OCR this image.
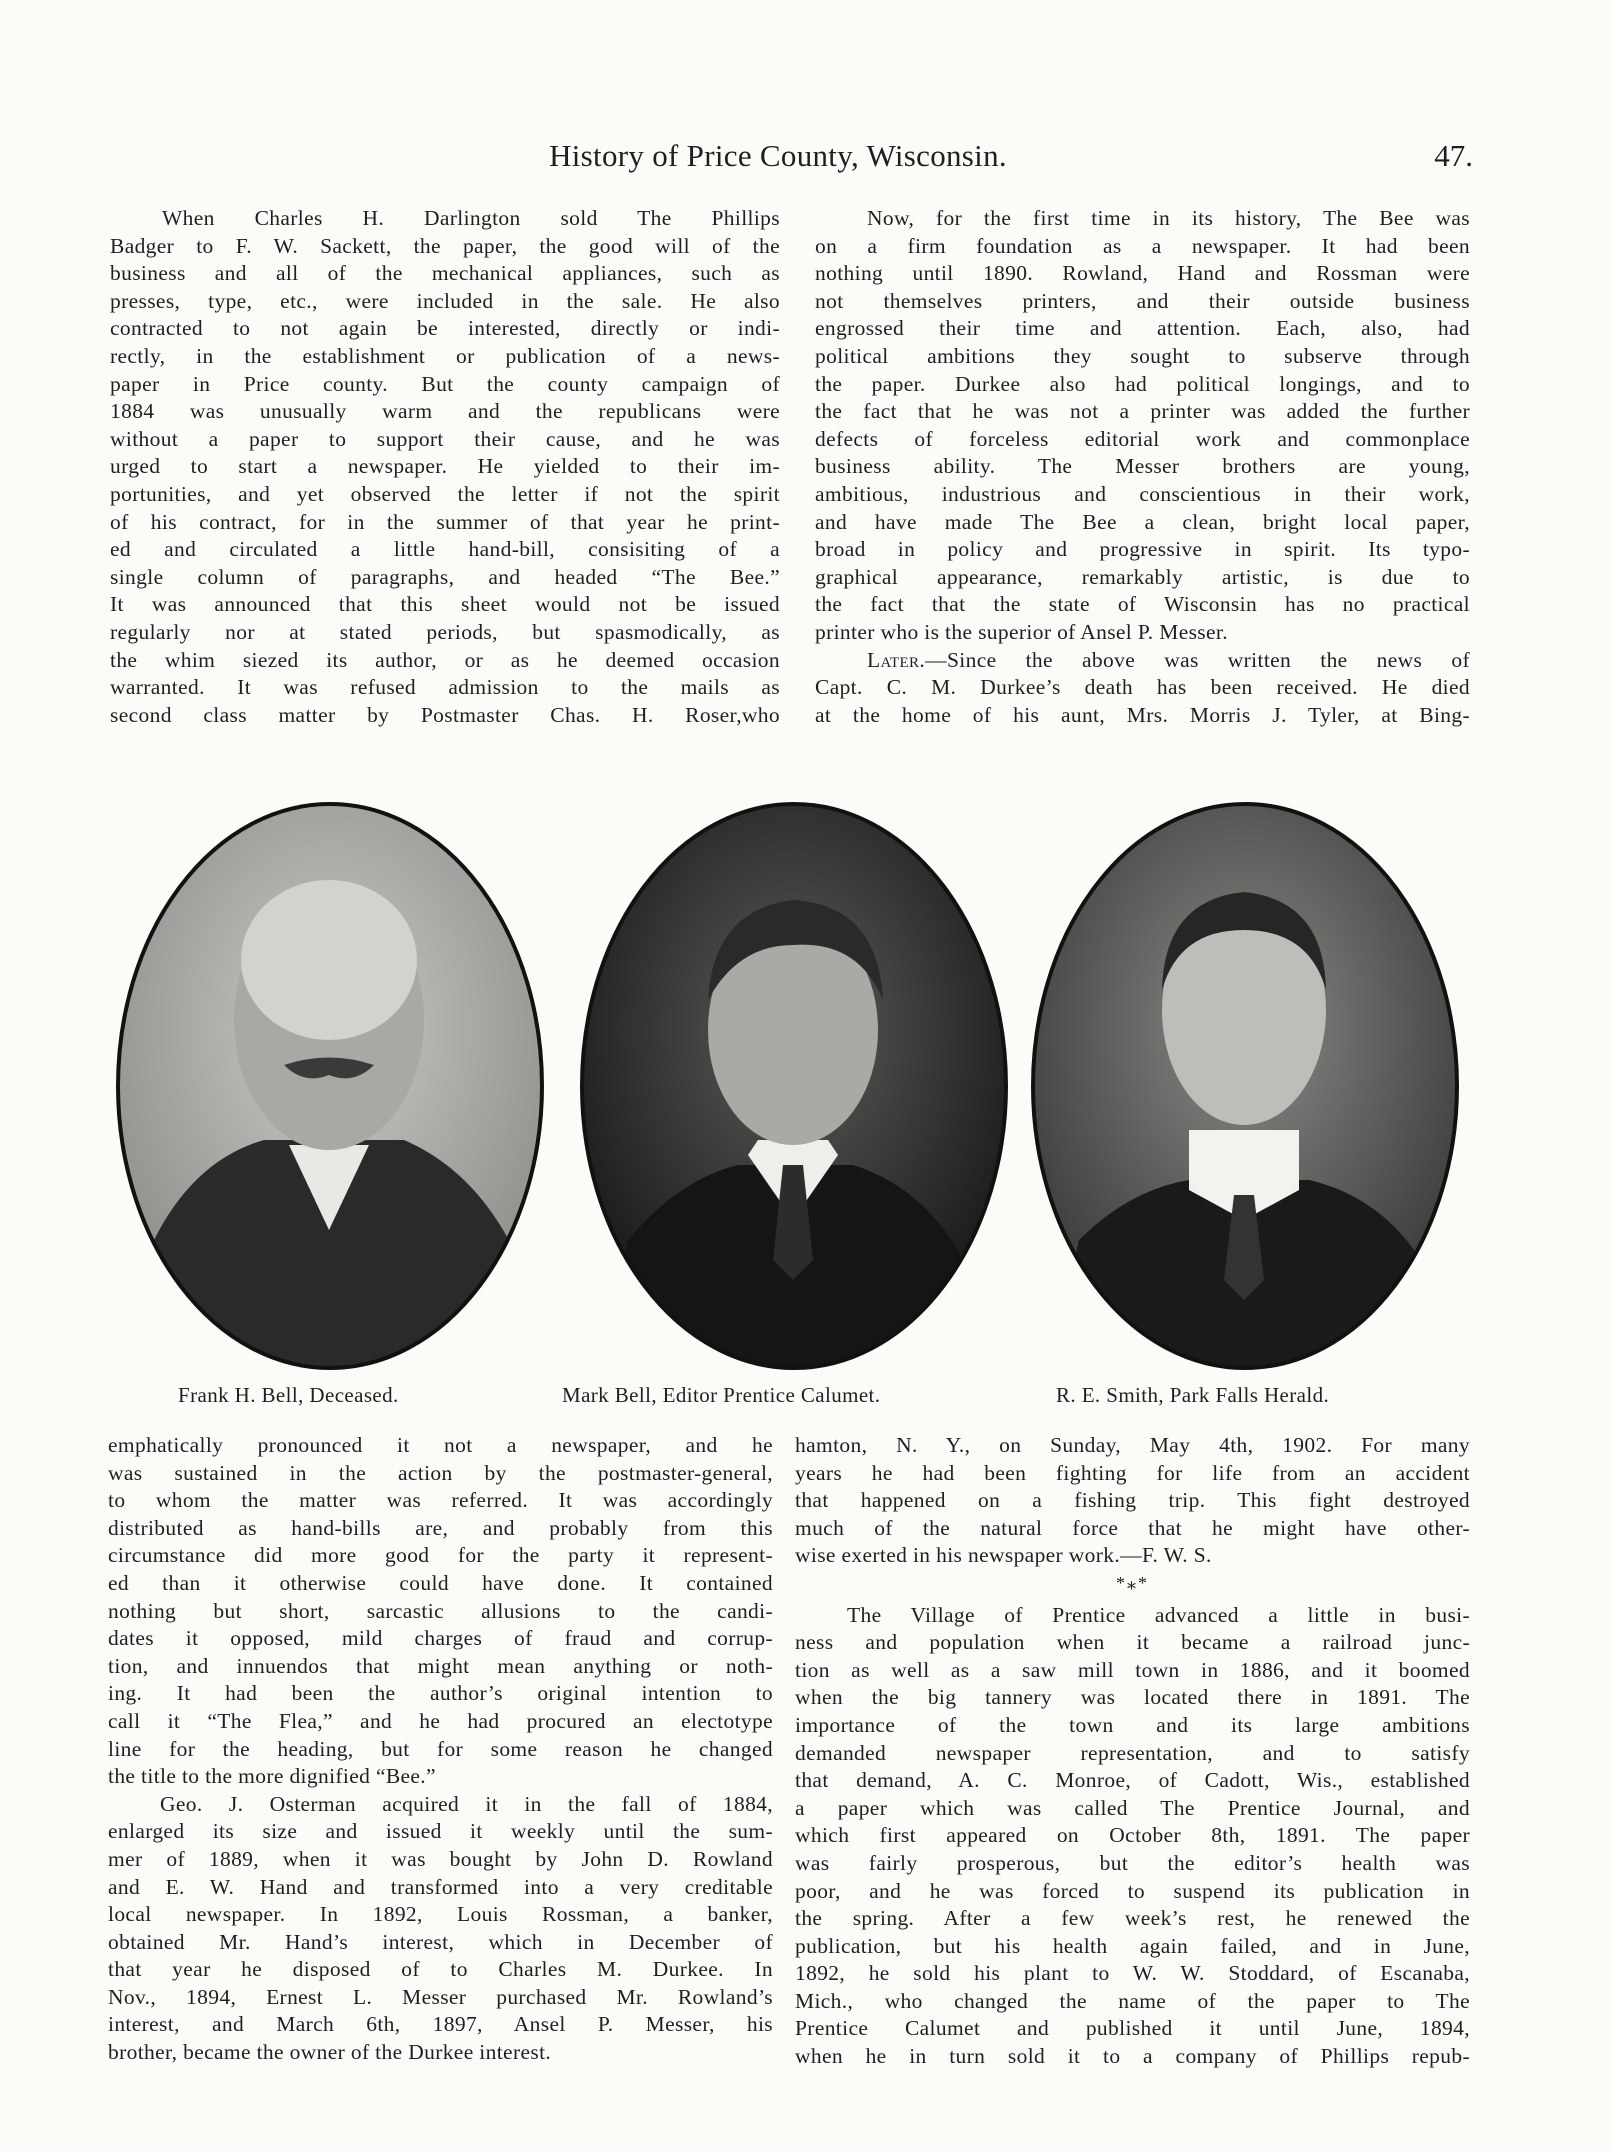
History of Price County, Wisconsin.	47.
When Charles H. Darlington sold The Phillips
Badger to F. W. Sackett, the paper, the good will of the
business and all of the mechanical appliances, such as
presses, type, etc., were included in the sale. He also
contracted to not again be interested, directly or indi-
rectly, in the establishment or publication of a news-
paper in Price county. But the county campaign of
1884 was unusually warm and the republicans were
without a paper to support their cause, and he was
urged to start a newspaper. He yielded to their im-
portunities, and yet observed the letter if not the spirit
of his contract, for in the summer of that year he print-
ed and circulated a little hand-bill, consisiting of a
single column of paragraphs, and headed “The Bee.”
It was announced that this sheet would not be issued
regularly nor at stated periods, but spasmodically, as
the whim siezed its author, or as he deemed occasion
warranted. It was refused admission to the mails as
second class matter by Postmaster Chas. H. Roser,who
Now, for the first time in its history, The Bee was
on a firm foundation as a newspaper. It had been
nothing until 1890. Rowland, Hand and Rossman were
not themselves printers, and their outside business
engrossed their time and attention. Each, also, had
political ambitions they sought to subserve through
the paper. Durkee also had political longings, and to
the fact that he was not a printer was added the further
defects of forceless editorial work and commonplace
business ability. The Messer brothers are young,
ambitious, industrious and conscientious in their work,
and have made The Bee a clean, bright local paper,
broad in policy and progressive in spirit. Its typo-
graphical appearance, remarkably artistic, is due to
the fact that the state of Wisconsin has no practical
printer who is the superior of Ansel P. Messer.
Later.—Since the above was written the news of
Capt. C. M. Durkee’s death has been received. He died
at the home of his aunt, Mrs. Morris J. Tyler, at Bing-
Frank H. Bell, Deceased.	Mark Bell, Editor Prentice Calumet.	R. E. Smith, Park Falls Herald.
emphatically pronounced it not a newspaper, and he
was sustained in the action by the postmaster-general,
to whom the matter was referred. It was accordingly
distributed as hand-bills are, and probably from this
circumstance did more good for the party it represent-
ed than it otherwise could have done. It contained
nothing but short, sarcastic allusions to the candi-
dates it opposed, mild charges of fraud and corrup-
tion, and innuendos that might mean anything or noth-
ing. It had been the author’s original intention to
call it “The Flea,” and he had procured an electotype
line for the heading, but for some reason he changed
the title to the more dignified “Bee.”
Geo. J. Osterman acquired it in the fall of 1884,
enlarged its size and issued it weekly until the sum-
mer of 1889, when it was bought by John D. Rowland
and E. W. Hand and transformed into a very creditable
local newspaper. In 1892, Louis Rossman, a banker,
obtained Mr. Hand’s interest, which in December of
that year he disposed of to Charles M. Durkee. In
Nov., 1894, Ernest L. Messer purchased Mr. Rowland’s
interest, and March 6th, 1897, Ansel P. Messer, his
brother, became the owner of the Durkee interest.
hamton, N. Y., on Sunday, May 4th, 1902. For many
years he had been fighting for life from an accident
that happened on a fishing trip. This fight destroyed
much of the natural force that he might have other-
wise exerted in his newspaper work.—F. W. S.
*⁎*
The Village of Prentice advanced a little in busi-
ness and population when it became a railroad junc-
tion as well as a saw mill town in 1886, and it boomed
when the big tannery was located there in 1891. The
importance of the town and its large ambitions
demanded newspaper representation, and to satisfy
that demand, A. C. Monroe, of Cadott, Wis., established
a paper which was called The Prentice Journal, and
which first appeared on October 8th, 1891. The paper
was fairly prosperous, but the editor’s health was
poor, and he was forced to suspend its publication in
the spring. After a few week’s rest, he renewed the
publication, but his health again failed, and in June,
1892, he sold his plant to W. W. Stoddard, of Escanaba,
Mich., who changed the name of the paper to The
Prentice Calumet and published it until June, 1894,
when he in turn sold it to a company of Phillips repub-
